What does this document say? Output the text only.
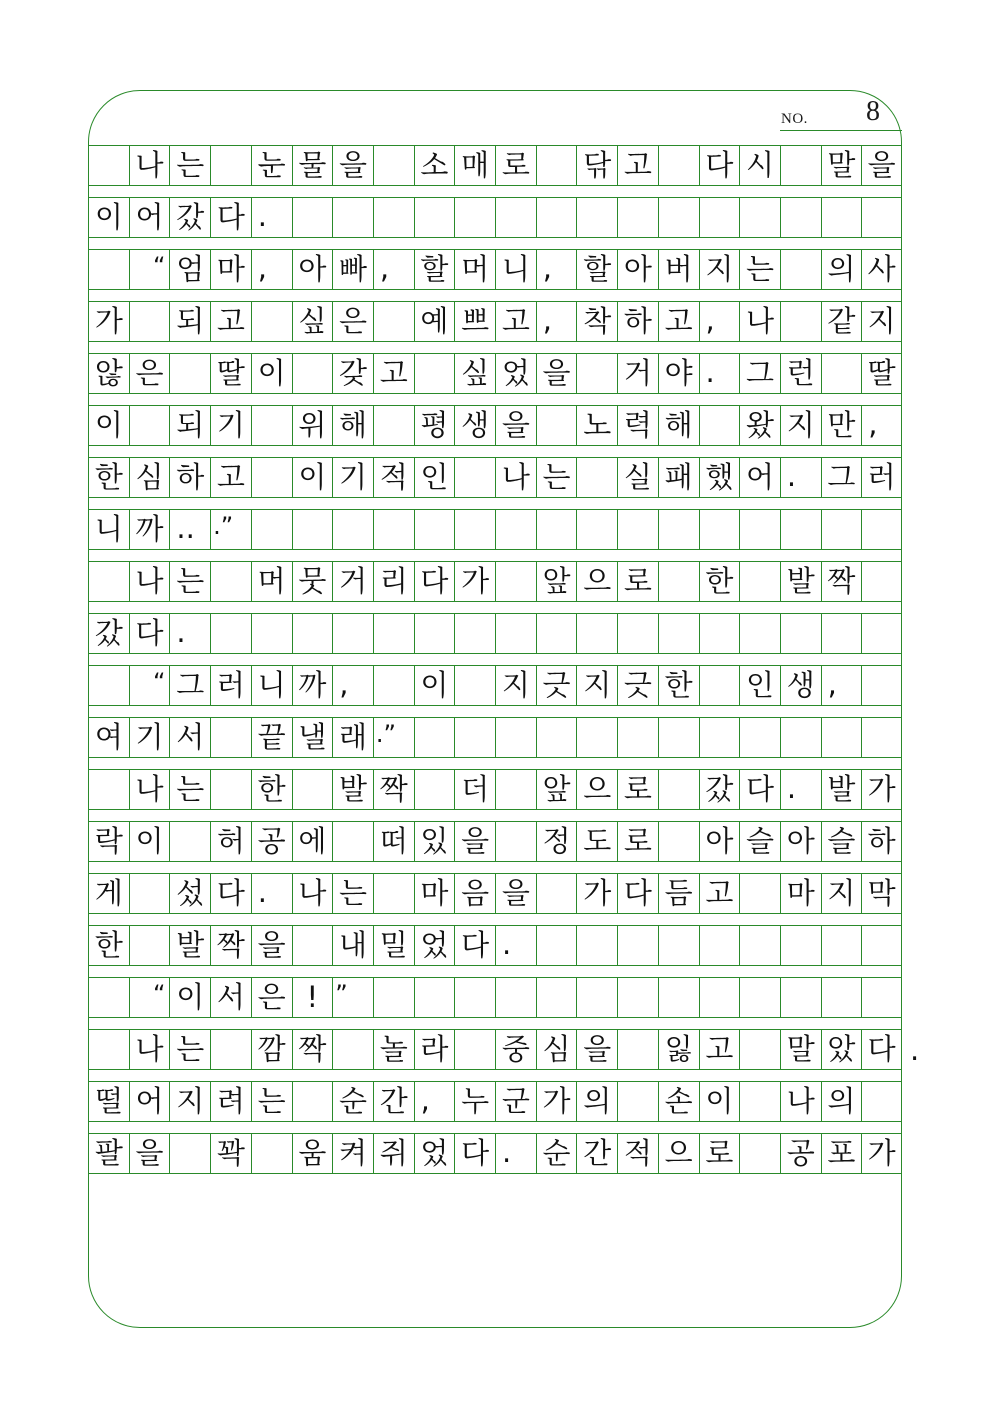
NO. 8
나 는 눈 물 을 소 매 로 닦 고 다 시 말 을
이 어 갔 다 .
“ 엄 마 ,	아 빠 ,	할 머 니 ,	할 아 버 지 는 의 사
가 되 고 싶 은 예 쁘 고 ,	착 하 고 ,	나 같 지
않 은 딸 이 갖 고 싶 었 을 거 야 .	그 런 딸
이 되 기 위 해 평 생 을 노 력 해 왔 지 만 ,
한 심 하 고 이 기 적 인 나 는 실 패 했 어 .	그 러
니 까 .. .”
나 는 머 뭇 거 리 다 가 앞 으 로 한 발 짝
갔 다 .
“ 그 러 니 까 ,	이 지 긋 지 긋 한 인 생 ,
여 기 서 끝 낼 래 .”
나 는 한 발 짝 더 앞 으 로 갔 다 .	발 가
락 이 허 공 에 떠 있 을 정 도 로 아 슬 아 슬 하
게 섰 다 .	나 는 마 음 을 가 다 듬 고 마 지 막
한 발 짝 을 내 밀 었 다 .
“ 이 서 은 ! ”
나 는 깜 짝 놀 라 중 심 을 잃 고 말 았 다
떨 어 지 려 는 순 간 ,	누 군 가 의 손 이 나 의
팔 을 꽉 움 켜 쥐 었 다 .	순 간 적 으 로 공 포 가
.
